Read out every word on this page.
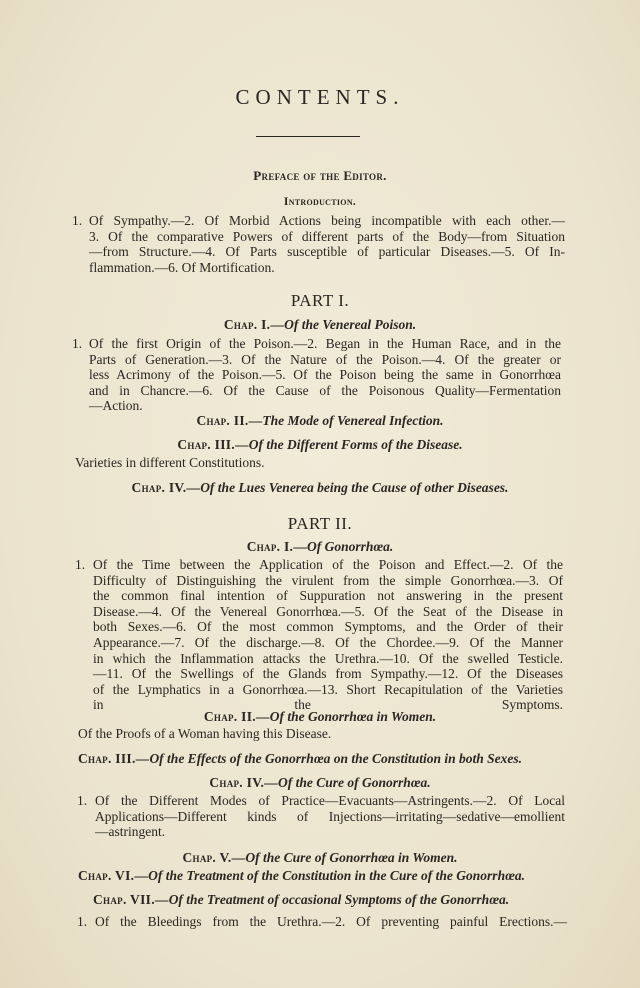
CONTENTS.
Preface of the Editor.
Introduction.
1. Of Sympathy.—2. Of Morbid Actions being incompatible with each other.—
3. Of the comparative Powers of different parts of the Body—from Situation
—from Structure.—4. Of Parts susceptible of particular Diseases.—5. Of In-
flammation.—6. Of Mortification.
PART I.
Chap. I.—Of the Venereal Poison.
1. Of the first Origin of the Poison.—2. Began in the Human Race, and in the
Parts of Generation.—3. Of the Nature of the Poison.—4. Of the greater or
less Acrimony of the Poison.—5. Of the Poison being the same in Gonorrhœa
and in Chancre.—6. Of the Cause of the Poisonous Quality—Fermentation
—Action.
Chap. II.—The Mode of Venereal Infection.
Chap. III.—Of the Different Forms of the Disease.
Varieties in different Constitutions.
Chap. IV.—Of the Lues Venerea being the Cause of other Diseases.
PART II.
Chap. I.—Of Gonorrhœa.
1. Of the Time between the Application of the Poison and Effect.—2. Of the
Difficulty of Distinguishing the virulent from the simple Gonorrhœa.—3. Of
the common final intention of Suppuration not answering in the present
Disease.—4. Of the Venereal Gonorrhœa.—5. Of the Seat of the Disease in
both Sexes.—6. Of the most common Symptoms, and the Order of their
Appearance.—7. Of the discharge.—8. Of the Chordee.—9. Of the Manner
in which the Inflammation attacks the Urethra.—10. Of the swelled Testicle.
—11. Of the Swellings of the Glands from Sympathy.—12. Of the Diseases
of the Lymphatics in a Gonorrhœa.—13. Short Recapitulation of the Varieties
in the Symptoms.
Chap. II.—Of the Gonorrhœa in Women.
Of the Proofs of a Woman having this Disease.
Chap. III.—Of the Effects of the Gonorrhœa on the Constitution in both Sexes.
Chap. IV.—Of the Cure of Gonorrhœa.
1. Of the Different Modes of Practice—Evacuants—Astringents.—2. Of Local
Applications—Different kinds of Injections—irritating—sedative—emollient
—astringent.
Chap. V.—Of the Cure of Gonorrhœa in Women.
Chap. VI.—Of the Treatment of the Constitution in the Cure of the Gonorrhœa.
Chap. VII.—Of the Treatment of occasional Symptoms of the Gonorrhœa.
1. Of the Bleedings from the Urethra.—2. Of preventing painful Erections.—
